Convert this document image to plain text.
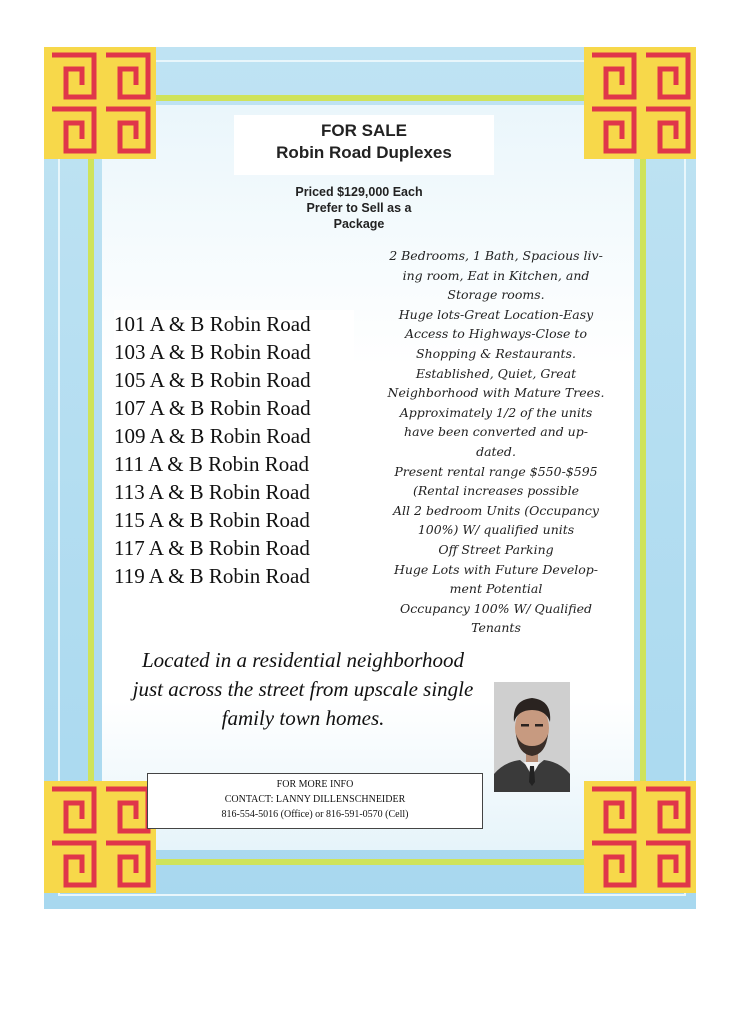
FOR SALE
Robin Road Duplexes
Priced $129,000 Each
Prefer to Sell as a
Package
101 A & B Robin Road
103 A & B Robin Road
105 A & B Robin Road
107 A & B Robin Road
109 A & B Robin Road
111 A & B Robin Road
113 A & B Robin Road
115 A & B Robin Road
117 A & B Robin Road
119 A & B Robin Road
2 Bedrooms, 1 Bath, Spacious liv-
ing room, Eat in Kitchen, and
Storage rooms.
Huge lots-Great Location-Easy
Access to Highways-Close to
Shopping & Restaurants.
Established, Quiet, Great
Neighborhood with Mature Trees.
Approximately 1/2 of the units
have been converted and up-
dated.
Present rental range $550-$595
(Rental increases possible
All 2 bedroom Units (Occupancy
100%) W/ qualified units
Off Street Parking
Huge Lots with Future Develop-
ment Potential
Occupancy 100% W/ Qualified
Tenants
Located in a residential neighborhood just across the street from upscale single family town homes.
FOR MORE INFO
CONTACT: LANNY DILLENSCHNEIDER
816-554-5016 (Office) or 816-591-0570 (Cell)
